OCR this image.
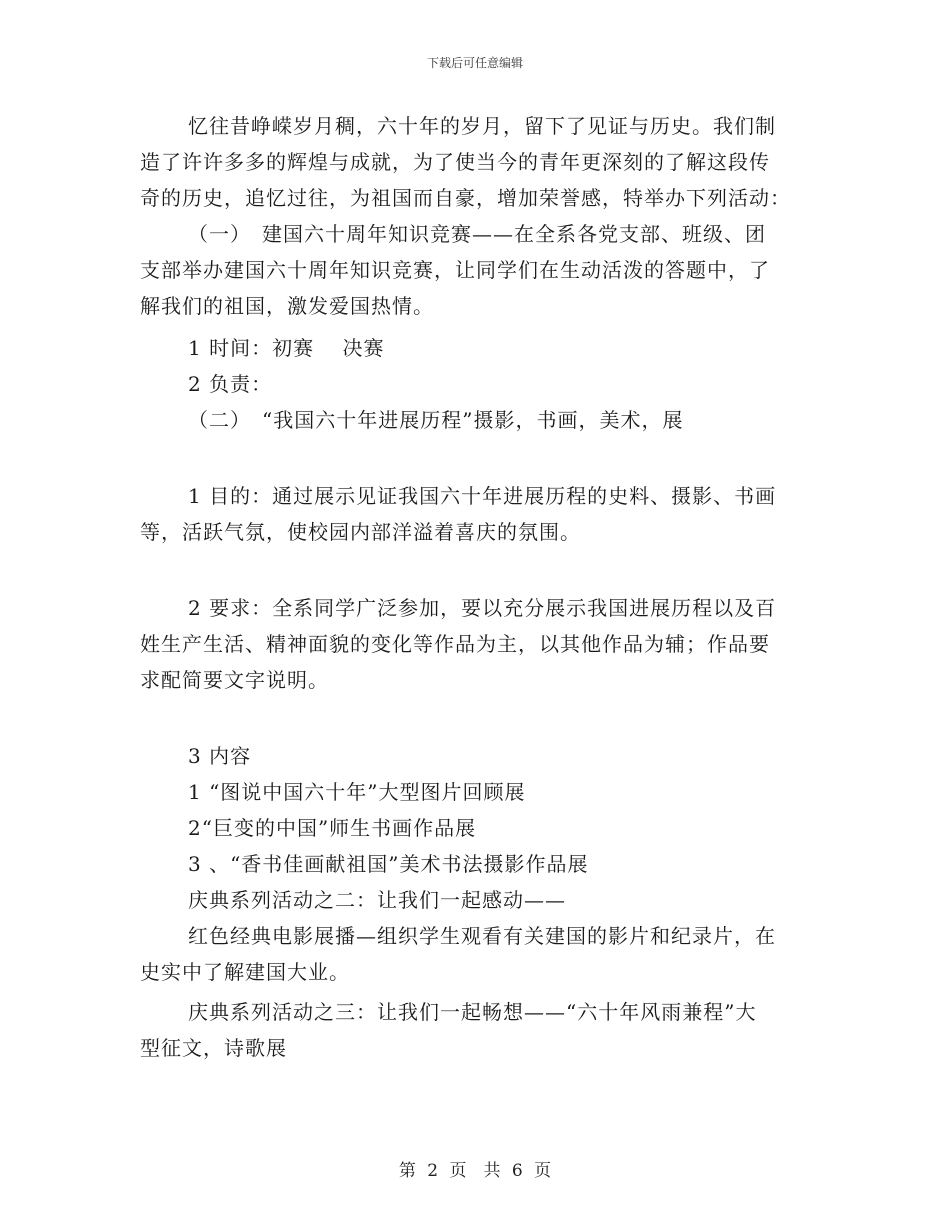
下载后可任意编辑
忆往昔峥嵘岁月稠，六十年的岁月，留下了见证与历史。我们制
造了许许多多的辉煌与成就，为了使当今的青年更深刻的了解这段传
奇的历史，追忆过往，为祖国而自豪，增加荣誉感，特举办下列活动：
（一）　建国六十周年知识竞赛——在全系各党支部、班级、团
支部举办建国六十周年知识竞赛，让同学们在生动活泼的答题中，了
解我们的祖国，激发爱国热情。
1 时间：初赛　 决赛
2 负责：
（二）　“我国六十年进展历程”摄影，书画，美术，展
1 目的：通过展示见证我国六十年进展历程的史料、摄影、书画
等，活跃气氛，使校园内部洋溢着喜庆的氛围。
2 要求：全系同学广泛参加，要以充分展示我国进展历程以及百
姓生产生活、精神面貌的变化等作品为主，以其他作品为辅；作品要
求配简要文字说明。
3 内容
1 “图说中国六十年”大型图片回顾展
2“巨变的中国”师生书画作品展
3 、“香书佳画献祖国”美术书法摄影作品展
庆典系列活动之二：让我们一起感动——
红色经典电影展播—组织学生观看有关建国的影片和纪录片，在
史实中了解建国大业。
庆典系列活动之三：让我们一起畅想——“六十年风雨兼程”大
型征文，诗歌展
第 2 页　共 6 页
